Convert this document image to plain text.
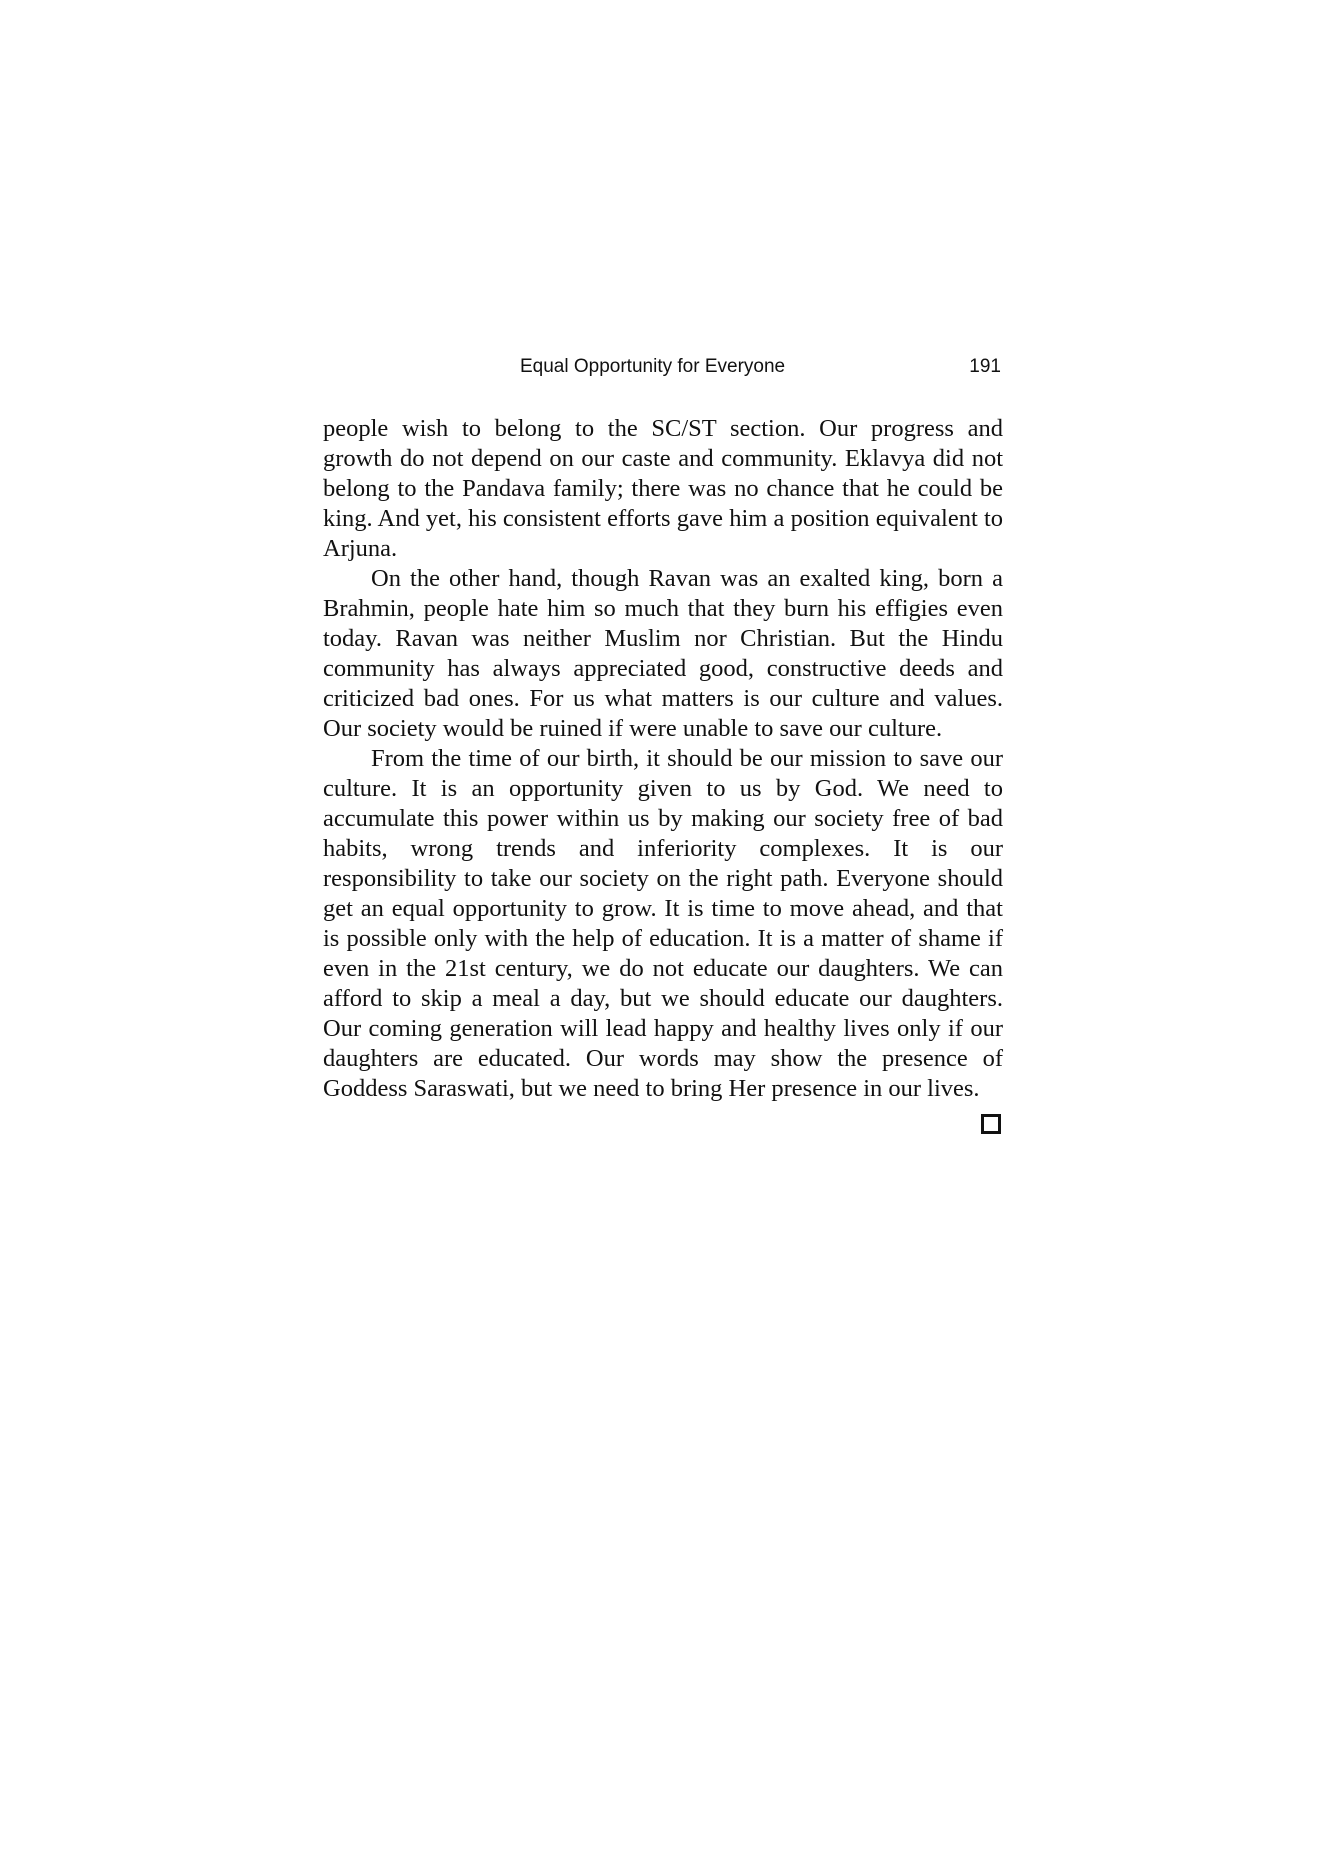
Equal Opportunity for Everyone	191

people wish to belong to the SC/ST section. Our progress and growth do not depend on our caste and community. Eklavya did not belong to the Pandava family; there was no chance that he could be king. And yet, his consistent efforts gave him a position equivalent to Arjuna.

On the other hand, though Ravan was an exalted king, born a Brahmin, people hate him so much that they burn his effigies even today. Ravan was neither Muslim nor Christian. But the Hindu community has always appreciated good, constructive deeds and criticized bad ones. For us what matters is our culture and values. Our society would be ruined if were unable to save our culture.

From the time of our birth, it should be our mission to save our culture. It is an opportunity given to us by God. We need to accumulate this power within us by making our society free of bad habits, wrong trends and inferiority complexes. It is our responsibility to take our society on the right path. Everyone should get an equal opportunity to grow. It is time to move ahead, and that is possible only with the help of education. It is a matter of shame if even in the 21st century, we do not educate our daughters. We can afford to skip a meal a day, but we should educate our daughters. Our coming generation will lead happy and healthy lives only if our daughters are educated. Our words may show the presence of Goddess Saraswati, but we need to bring Her presence in our lives.
